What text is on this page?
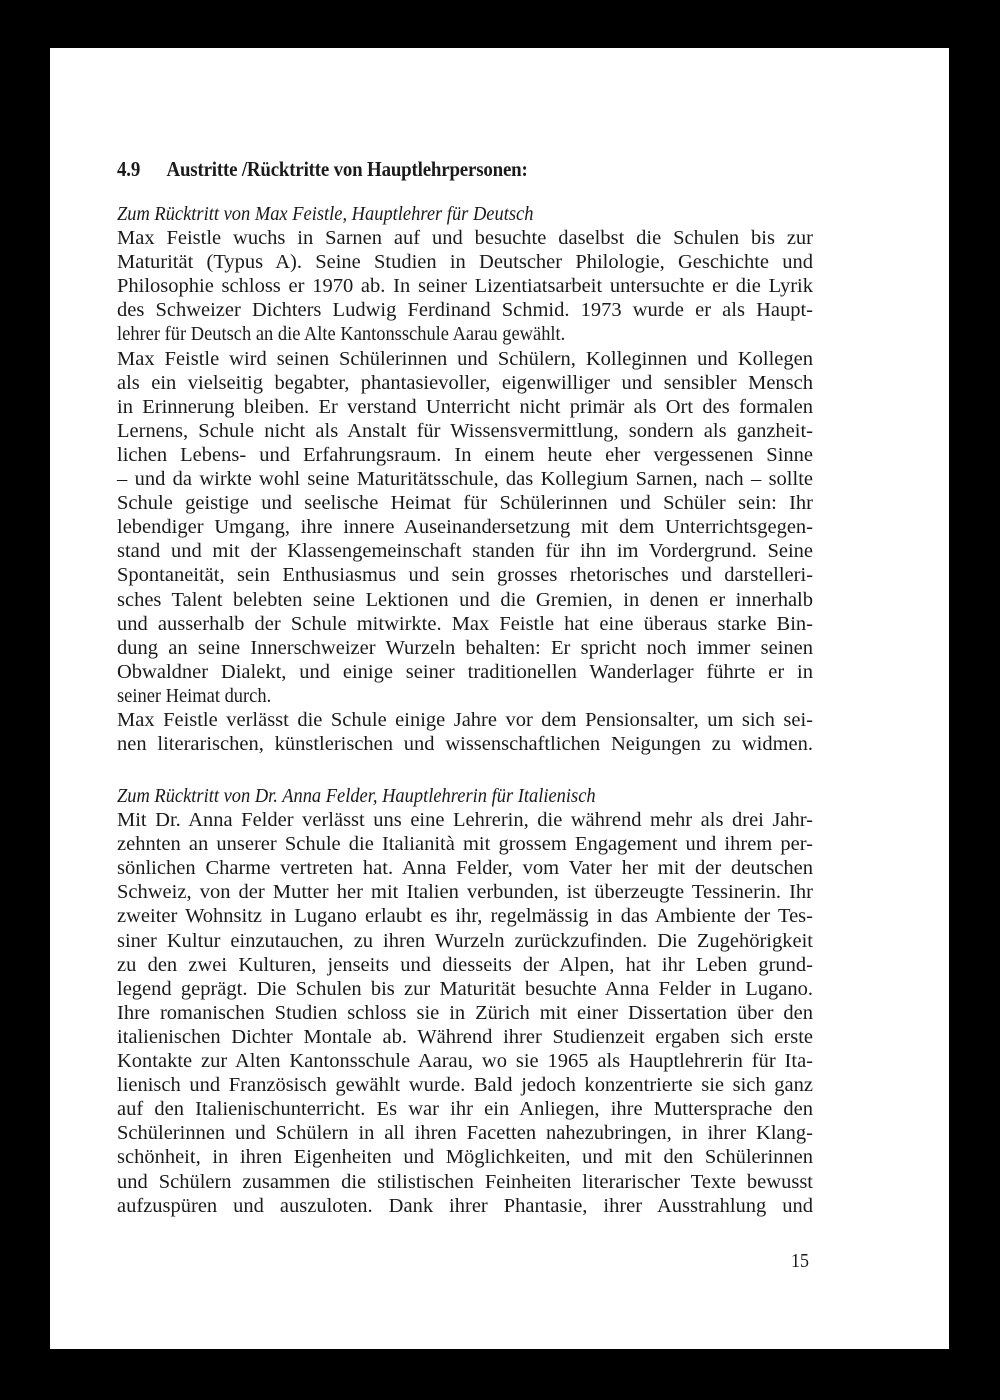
4.9 Austritte /Rücktritte von Hauptlehrpersonen:
Zum Rücktritt von Max Feistle, Hauptlehrer für Deutsch
Max Feistle wuchs in Sarnen auf und besuchte daselbst die Schulen bis zur
Maturität (Typus A). Seine Studien in Deutscher Philologie, Geschichte und
Philosophie schloss er 1970 ab. In seiner Lizentiatsarbeit untersuchte er die Lyrik
des Schweizer Dichters Ludwig Ferdinand Schmid. 1973 wurde er als Haupt-
lehrer für Deutsch an die Alte Kantonsschule Aarau gewählt.
Max Feistle wird seinen Schülerinnen und Schülern, Kolleginnen und Kollegen
als ein vielseitig begabter, phantasievoller, eigenwilliger und sensibler Mensch
in Erinnerung bleiben. Er verstand Unterricht nicht primär als Ort des formalen
Lernens, Schule nicht als Anstalt für Wissensvermittlung, sondern als ganzheit-
lichen Lebens- und Erfahrungsraum. In einem heute eher vergessenen Sinne
– und da wirkte wohl seine Maturitätsschule, das Kollegium Sarnen, nach – sollte
Schule geistige und seelische Heimat für Schülerinnen und Schüler sein: Ihr
lebendiger Umgang, ihre innere Auseinandersetzung mit dem Unterrichtsgegen-
stand und mit der Klassengemeinschaft standen für ihn im Vordergrund. Seine
Spontaneität, sein Enthusiasmus und sein grosses rhetorisches und darstelleri-
sches Talent belebten seine Lektionen und die Gremien, in denen er innerhalb
und ausserhalb der Schule mitwirkte. Max Feistle hat eine überaus starke Bin-
dung an seine Innerschweizer Wurzeln behalten: Er spricht noch immer seinen
Obwaldner Dialekt, und einige seiner traditionellen Wanderlager führte er in
seiner Heimat durch.
Max Feistle verlässt die Schule einige Jahre vor dem Pensionsalter, um sich sei-
nen literarischen, künstlerischen und wissenschaftlichen Neigungen zu widmen.
Zum Rücktritt von Dr. Anna Felder, Hauptlehrerin für Italienisch
Mit Dr. Anna Felder verlässt uns eine Lehrerin, die während mehr als drei Jahr-
zehnten an unserer Schule die Italianità mit grossem Engagement und ihrem per-
sönlichen Charme vertreten hat. Anna Felder, vom Vater her mit der deutschen
Schweiz, von der Mutter her mit Italien verbunden, ist überzeugte Tessinerin. Ihr
zweiter Wohnsitz in Lugano erlaubt es ihr, regelmässig in das Ambiente der Tes-
siner Kultur einzutauchen, zu ihren Wurzeln zurückzufinden. Die Zugehörigkeit
zu den zwei Kulturen, jenseits und diesseits der Alpen, hat ihr Leben grund-
legend geprägt. Die Schulen bis zur Maturität besuchte Anna Felder in Lugano.
Ihre romanischen Studien schloss sie in Zürich mit einer Dissertation über den
italienischen Dichter Montale ab. Während ihrer Studienzeit ergaben sich erste
Kontakte zur Alten Kantonsschule Aarau, wo sie 1965 als Hauptlehrerin für Ita-
lienisch und Französisch gewählt wurde. Bald jedoch konzentrierte sie sich ganz
auf den Italienischunterricht. Es war ihr ein Anliegen, ihre Muttersprache den
Schülerinnen und Schülern in all ihren Facetten nahezubringen, in ihrer Klang-
schönheit, in ihren Eigenheiten und Möglichkeiten, und mit den Schülerinnen
und Schülern zusammen die stilistischen Feinheiten literarischer Texte bewusst
aufzuspüren und auszuloten. Dank ihrer Phantasie, ihrer Ausstrahlung und
15
